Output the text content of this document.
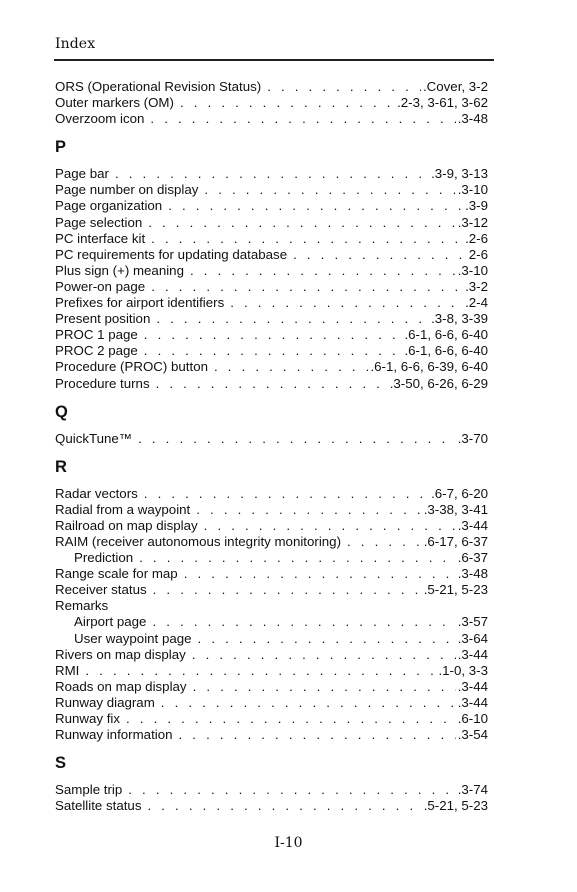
Index
ORS (Operational Revision Status) . . .	.Cover, 3-2
Outer markers (OM) . . .	.2-3, 3-61, 3-62
Overzoom icon . . .	.3-48
P
Page bar . . .	.3-9, 3-13
Page number on display . . .	.3-10
Page organization . . .	.3-9
Page selection . . .	.3-12
PC interface kit . . .	.2-6
PC requirements for updating database . . .	2-6
Plus sign (+) meaning . . .	.3-10
Power-on page . . .	.3-2
Prefixes for airport identifiers . . .	.2-4
Present position . . .	.3-8, 3-39
PROC 1 page . . .	.6-1, 6-6, 6-40
PROC 2 page . . .	.6-1, 6-6, 6-40
Procedure (PROC) button . . .	.6-1, 6-6, 6-39, 6-40
Procedure turns . . .	.3-50, 6-26, 6-29
Q
QuickTune™ . . .	.3-70
R
Radar vectors . . .	.6-7, 6-20
Radial from a waypoint . . .	.3-38, 3-41
Railroad on map display . . .	.3-44
RAIM (receiver autonomous integrity monitoring) . . .	.6-17, 6-37
Prediction . . .	.6-37
Range scale for map . . .	.3-48
Receiver status . . .	.5-21, 5-23
Remarks
Airport page . . .	.3-57
User waypoint page . . .	.3-64
Rivers on map display . . .	.3-44
RMI . . .	.1-0, 3-3
Roads on map display . . .	.3-44
Runway diagram . . .	.3-44
Runway fix . . .	.6-10
Runway information . . .	.3-54
S
Sample trip . . .	.3-74
Satellite status . . .	.5-21, 5-23
I-10
